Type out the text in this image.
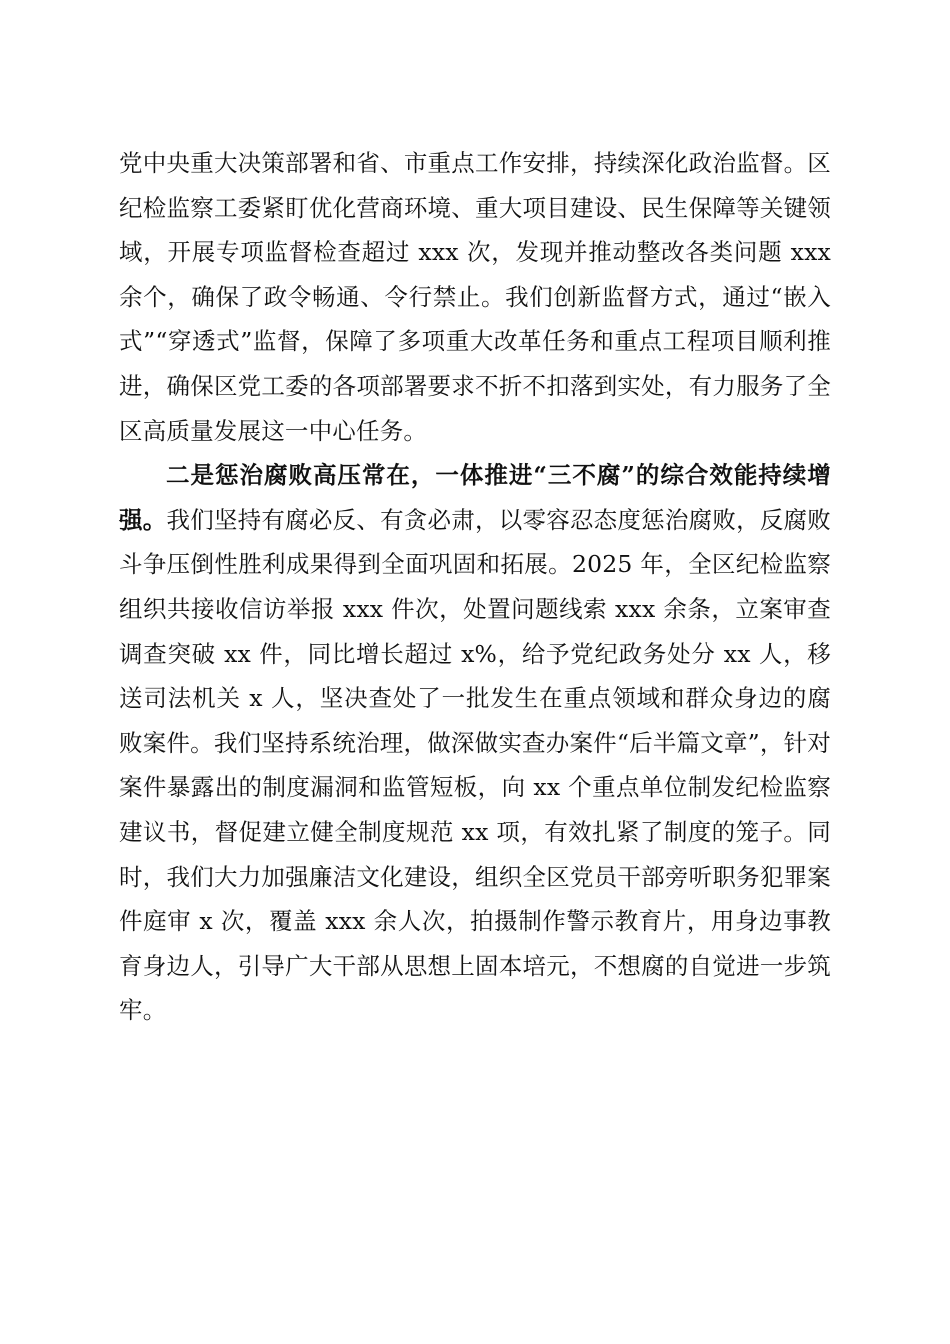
党中央重大决策部署和省、市重点工作安排，持续深化政治监督。区纪检监察工委紧盯优化营商环境、重大项目建设、民生保障等关键领域，开展专项监督检查超过 xxx 次，发现并推动整改各类问题 xxx 余个，确保了政令畅通、令行禁止。我们创新监督方式，通过“嵌入式”“穿透式”监督，保障了多项重大改革任务和重点工程项目顺利推进，确保区党工委的各项部署要求不折不扣落到实处，有力服务了全区高质量发展这一中心任务。

二是惩治腐败高压常在，一体推进“三不腐”的综合效能持续增强。我们坚持有腐必反、有贪必肃，以零容忍态度惩治腐败，反腐败斗争压倒性胜利成果得到全面巩固和拓展。2025 年，全区纪检监察组织共接收信访举报 xxx 件次，处置问题线索 xxx 余条，立案审查调查突破 xx 件，同比增长超过 x%，给予党纪政务处分 xx 人，移送司法机关 x 人，坚决查处了一批发生在重点领域和群众身边的腐败案件。我们坚持系统治理，做深做实查办案件“后半篇文章”，针对案件暴露出的制度漏洞和监管短板，向 xx 个重点单位制发纪检监察建议书，督促建立健全制度规范 xx 项，有效扎紧了制度的笼子。同时，我们大力加强廉洁文化建设，组织全区党员干部旁听职务犯罪案件庭审 x 次，覆盖 xxx 余人次，拍摄制作警示教育片，用身边事教育身边人，引导广大干部从思想上固本培元，不想腐的自觉进一步筑牢。
